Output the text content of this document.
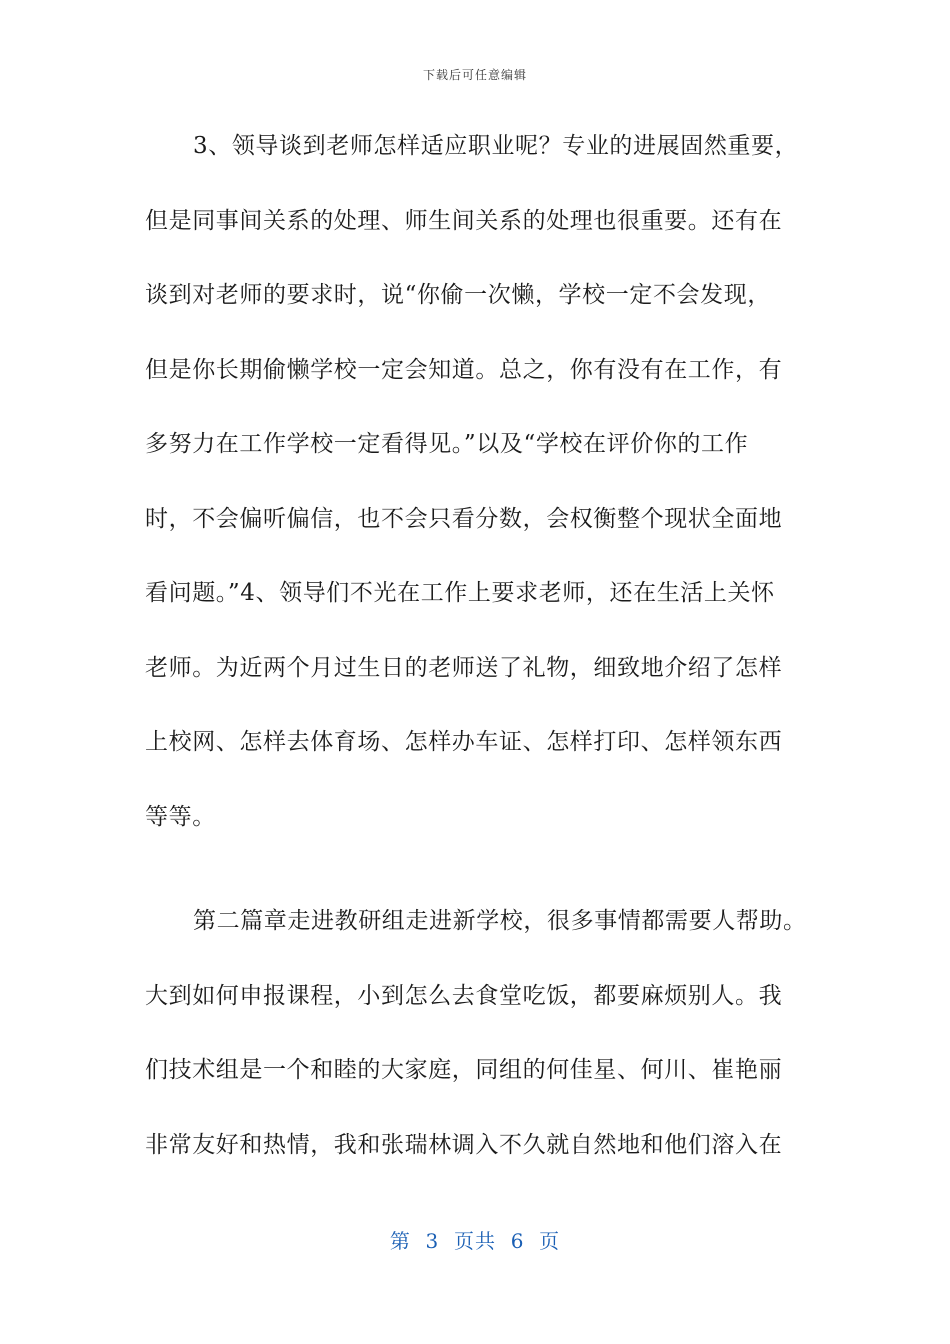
下载后可任意编辑
3、领导谈到老师怎样适应职业呢？专业的进展固然重要，
但是同事间关系的处理、师生间关系的处理也很重要。还有在
谈到对老师的要求时，说“你偷一次懒，学校一定不会发现，
但是你长期偷懒学校一定会知道。总之，你有没有在工作，有
多努力在工作学校一定看得见。”以及“学校在评价你的工作
时，不会偏听偏信，也不会只看分数，会权衡整个现状全面地
看问题。”4、领导们不光在工作上要求老师，还在生活上关怀
老师。为近两个月过生日的老师送了礼物，细致地介绍了怎样
上校网、怎样去体育场、怎样办车证、怎样打印、怎样领东西
等等。
第二篇章走进教研组走进新学校，很多事情都需要人帮助。
大到如何申报课程，小到怎么去食堂吃饭，都要麻烦别人。我
们技术组是一个和睦的大家庭，同组的何佳星、何川、崔艳丽
非常友好和热情，我和张瑞林调入不久就自然地和他们溶入在
第  3  页共  6  页
